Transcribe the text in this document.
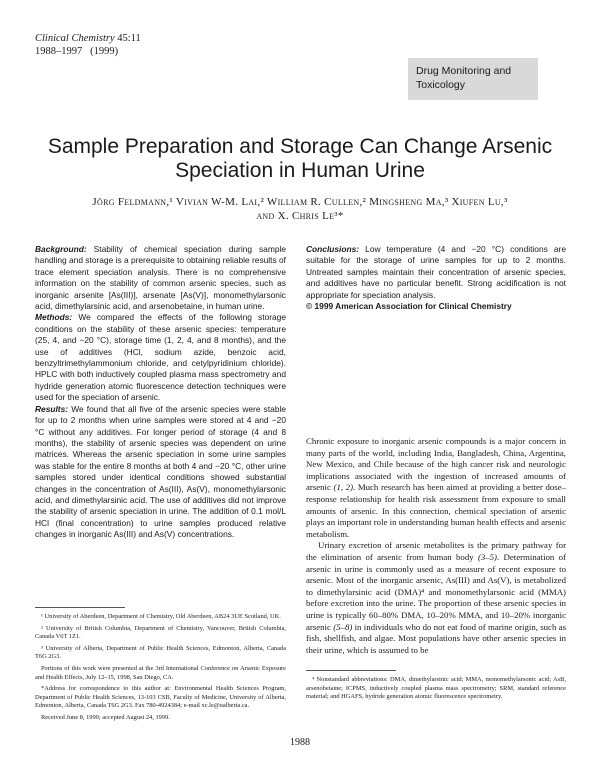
Clinical Chemistry 45:11
1988–1997 (1999)
Drug Monitoring and Toxicology
Sample Preparation and Storage Can Change Arsenic Speciation in Human Urine
Jörg Feldmann,¹ Vivian W-M. Lai,² William R. Cullen,² Mingsheng Ma,³ Xiufen Lu,³
and X. Chris Le³*
Background: Stability of chemical speciation during sample handling and storage is a prerequisite to obtaining reliable results of trace element speciation analysis. There is no comprehensive information on the stability of common arsenic species, such as inorganic arsenite [As(III)], arsenate [As(V)], monomethylarsonic acid, dimethylarsinic acid, and arsenobetaine, in human urine.
Methods: We compared the effects of the following storage conditions on the stability of these arsenic species: temperature (25, 4, and −20 °C), storage time (1, 2, 4, and 8 months), and the use of additives (HCl, sodium azide, benzoic acid, benzyltrimethylammonium chloride, and cetylpyridinium chloride). HPLC with both inductively coupled plasma mass spectrometry and hydride generation atomic fluorescence detection techniques were used for the speciation of arsenic.
Results: We found that all five of the arsenic species were stable for up to 2 months when urine samples were stored at 4 and −20 °C without any additives. For longer period of storage (4 and 8 months), the stability of arsenic species was dependent on urine matrices. Whereas the arsenic speciation in some urine samples was stable for the entire 8 months at both 4 and −20 °C, other urine samples stored under identical conditions showed substantial changes in the concentration of As(III), As(V), monomethylarsonic acid, and dimethylarsinic acid. The use of additives did not improve the stability of arsenic speciation in urine. The addition of 0.1 mol/L HCl (final concentration) to urine samples produced relative changes in inorganic As(III) and As(V) concentrations.
Conclusions: Low temperature (4 and −20 °C) conditions are suitable for the storage of urine samples for up to 2 months. Untreated samples maintain their concentration of arsenic species, and additives have no particular benefit. Strong acidification is not appropriate for speciation analysis.
© 1999 American Association for Clinical Chemistry

Chronic exposure to inorganic arsenic compounds is a major concern in many parts of the world, including India, Bangladesh, China, Argentina, New Mexico, and Chile because of the high cancer risk and neurologic implications associated with the ingestion of increased amounts of arsenic (1, 2). Much research has been aimed at providing a better dose–response relationship for health risk assessment from exposure to small amounts of arsenic. In this connection, chemical speciation of arsenic plays an important role in understanding human health effects and arsenic metabolism.

Urinary excretion of arsenic metabolites is the primary pathway for the elimination of arsenic from human body (3–5). Determination of arsenic in urine is commonly used as a measure of recent exposure to arsenic. Most of the inorganic arsenic, As(III) and As(V), is metabolized to dimethylarsinic acid (DMA)⁴ and monomethylarsonic acid (MMA) before excretion into the urine. The proportion of these arsenic species in urine is typically 60–80% DMA, 10–20% MMA, and 10–20% inorganic arsenic (5–8) in individuals who do not eat food of marine origin, such as fish, shellfish, and algae. Most populations have other arsenic species in their urine, which is assumed to be

¹ University of Aberdeen, Department of Chemistry, Old Aberdeen, AB24 3UE Scotland, UK.

² University of British Columbia, Department of Chemistry, Vancouver, British Columbia, Canada V6T 1Z1.

³ University of Alberta, Department of Public Health Sciences, Edmonton, Alberta, Canada T6G 2G3.

Portions of this work were presented at the 3rd International Conference on Arsenic Exposure and Health Effects, July 12–15, 1998, San Diego, CA.

*Address for correspondence to this author at: Environmental Health Sciences Program, Department of Public Health Sciences, 13-103 CSB, Faculty of Medicine, University of Alberta, Edmonton, Alberta, Canada T6G 2G3. Fax 780-4924384; e-mail xc.le@ualberta.ca.

Received June 8, 1999; accepted August 24, 1999.

⁴ Nonstandard abbreviations: DMA, dimethylarsinic acid; MMA, monomethylarsonic acid; AsB, arsenobetaine; ICPMS, inductively coupled plasma mass spectrometry; SRM, standard reference material; and HGAFS, hydride generation atomic fluorescence spectrometry.

1988
